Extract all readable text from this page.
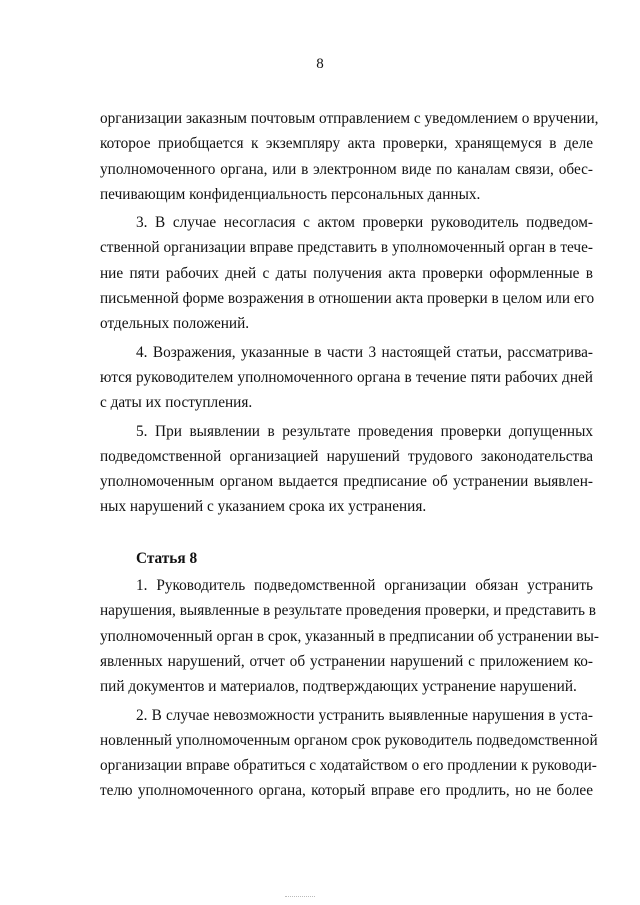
8
организации заказным почтовым отправлением с уведомлением о вручении,
которое приобщается к экземпляру акта проверки, хранящемуся в деле
уполномоченного органа, или в электронном виде по каналам связи, обес-
печивающим конфиденциальность персональных данных.
3. В случае несогласия с актом проверки руководитель подведом-
ственной организации вправе представить в уполномоченный орган в тече-
ние пяти рабочих дней с даты получения акта проверки оформленные в
письменной форме возражения в отношении акта проверки в целом или его
отдельных положений.
4. Возражения, указанные в части 3 настоящей статьи, рассматрива-
ются руководителем уполномоченного органа в течение пяти рабочих дней
с даты их поступления.
5. При выявлении в результате проведения проверки допущенных
подведомственной организацией нарушений трудового законодательства
уполномоченным органом выдается предписание об устранении выявлен-
ных нарушений с указанием срока их устранения.
Статья 8
1. Руководитель подведомственной организации обязан устранить
нарушения, выявленные в результате проведения проверки, и представить в
уполномоченный орган в срок, указанный в предписании об устранении вы-
явленных нарушений, отчет об устранении нарушений с приложением ко-
пий документов и материалов, подтверждающих устранение нарушений.
2. В случае невозможности устранить выявленные нарушения в уста-
новленный уполномоченным органом срок руководитель подведомственной
организации вправе обратиться с ходатайством о его продлении к руководи-
телю уполномоченного органа, который вправе его продлить, но не более
